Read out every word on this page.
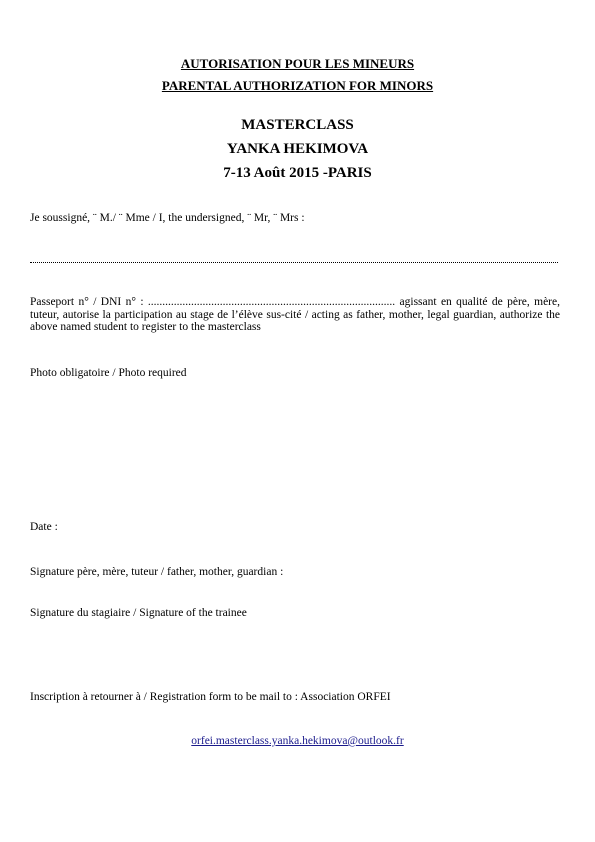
AUTORISATION POUR LES MINEURS
PARENTAL AUTHORIZATION FOR MINORS
MASTERCLASS
YANKA HEKIMOVA
7-13 Août 2015 -PARIS
Je soussigné, ¨ M./ ¨ Mme / I, the undersigned, ¨ Mr, ¨ Mrs :
Passeport n° / DNI n° : ...................................................................................... agissant en qualité de père, mère, tuteur, autorise la participation au stage de l’élève sus-cité / acting as father, mother, legal guardian, authorize the above named student to register to the masterclass
Photo obligatoire / Photo required
Date :
Signature père, mère, tuteur / father, mother, guardian :
Signature du stagiaire / Signature of the trainee
Inscription à retourner à / Registration form to be mail to : Association ORFEI
orfei.masterclass.yanka.hekimova@outlook.fr
